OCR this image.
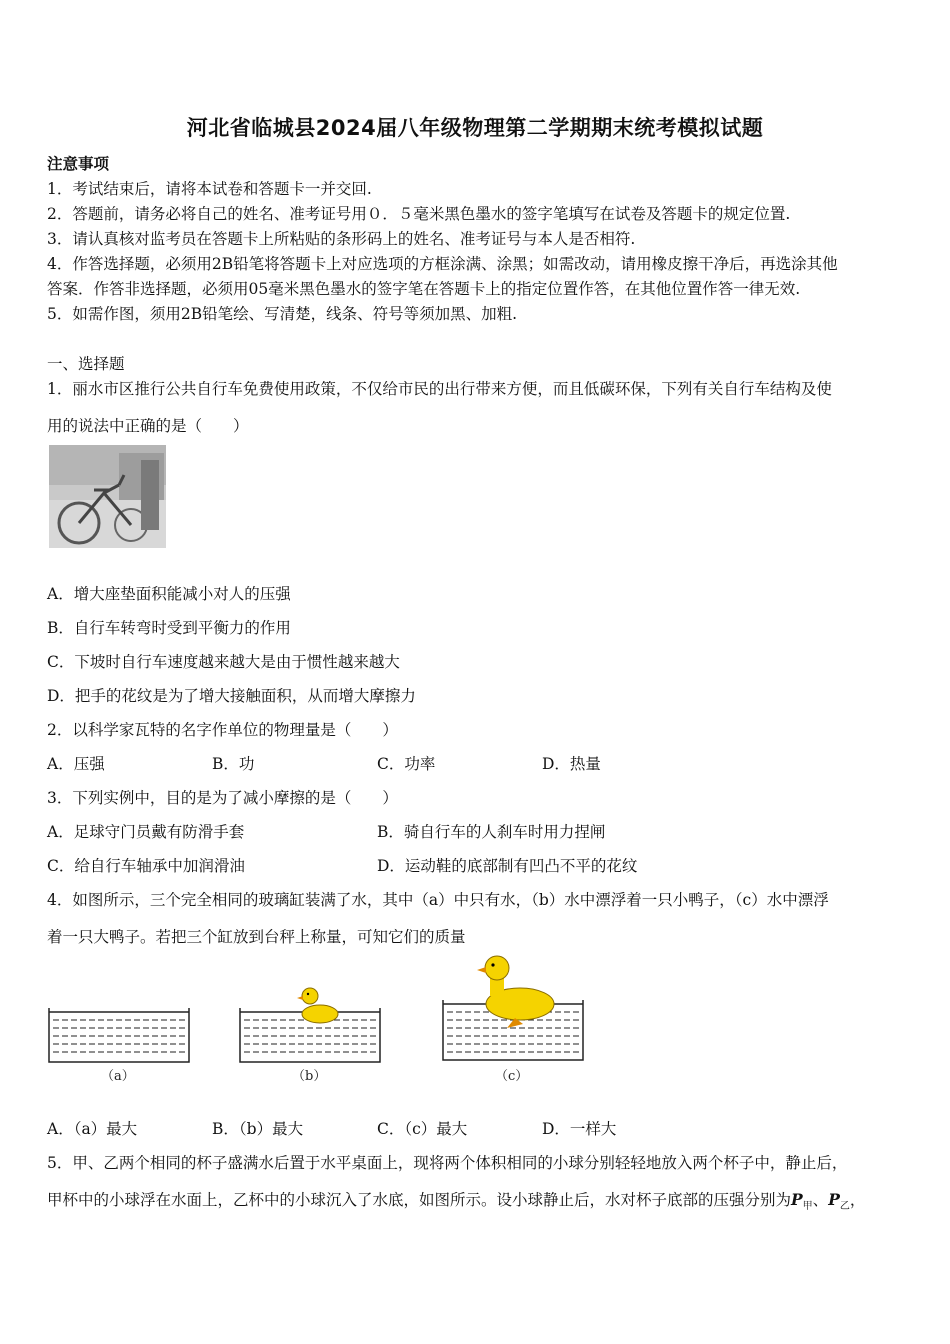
河北省临城县2024届八年级物理第二学期期末统考模拟试题
注意事项
1．考试结束后，请将本试卷和答题卡一并交回.
2．答题前，请务必将自己的姓名、准考证号用０．５毫米黑色墨水的签字笔填写在试卷及答题卡的规定位置.
3．请认真核对监考员在答题卡上所粘贴的条形码上的姓名、准考证号与本人是否相符.
4．作答选择题，必须用2B铅笔将答题卡上对应选项的方框涂满、涂黑；如需改动，请用橡皮擦干净后，再选涂其他
答案．作答非选择题，必须用05毫米黑色墨水的签字笔在答题卡上的指定位置作答，在其他位置作答一律无效.
5．如需作图，须用2B铅笔绘、写清楚，线条、符号等须加黑、加粗.
一、选择题
1．丽水市区推行公共自行车免费使用政策，不仅给市民的出行带来方便，而且低碳环保，下列有关自行车结构及使
用的说法中正确的是（　　）
A．增大座垫面积能减小对人的压强
B．自行车转弯时受到平衡力的作用
C．下坡时自行车速度越来越大是由于惯性越来越大
D．把手的花纹是为了增大接触面积，从而增大摩擦力
2．以科学家瓦特的名字作单位的物理量是（　　）
A．压强	B．功	C．功率	D．热量
3．下列实例中，目的是为了减小摩擦的是（　　）
A．足球守门员戴有防滑手套	B．骑自行车的人刹车时用力捏闸
C．给自行车轴承中加润滑油	D．运动鞋的底部制有凹凸不平的花纹
4．如图所示，三个完全相同的玻璃缸装满了水，其中（a）中只有水，（b）水中漂浮着一只小鸭子，（c）水中漂浮
着一只大鸭子。若把三个缸放到台秤上称量，可知它们的质量
（a）	（b）	（c）
A．（a）最大	B．（b）最大	C．（c）最大	D．一样大
5．甲、乙两个相同的杯子盛满水后置于水平桌面上，现将两个体积相同的小球分别轻轻地放入两个杯子中，静止后，
甲杯中的小球浮在水面上，乙杯中的小球沉入了水底，如图所示。设小球静止后，水对杯子底部的压强分别为$P_甲$、$P_乙$，
